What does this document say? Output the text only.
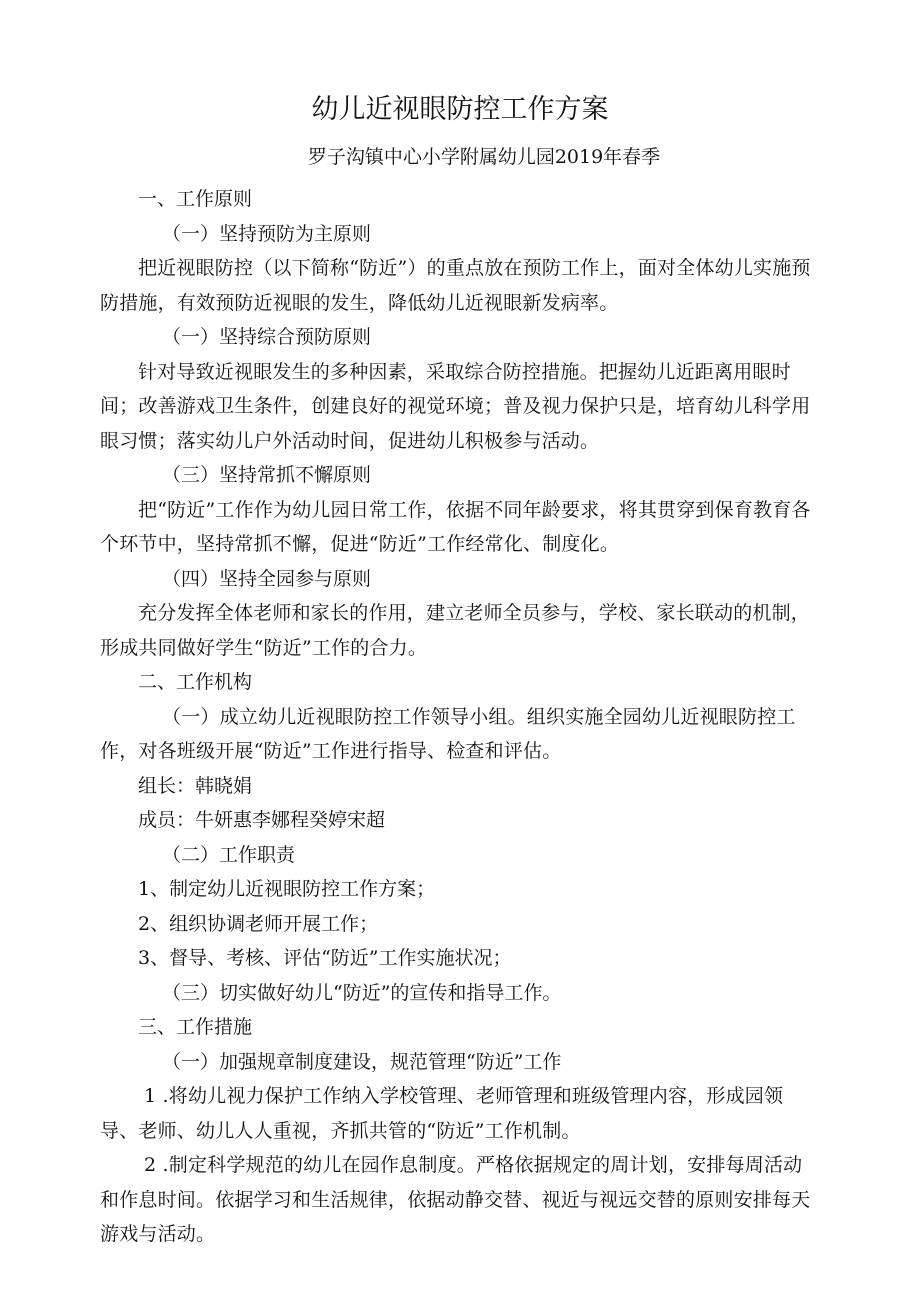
幼儿近视眼防控工作方案
罗子沟镇中心小学附属幼儿园2019年春季
一、工作原则
（一）坚持预防为主原则
把近视眼防控（以下简称“防近”）的重点放在预防工作上，面对全体幼儿实施预防措施，有效预防近视眼的发生，降低幼儿近视眼新发病率。
（一）坚持综合预防原则
针对导致近视眼发生的多种因素，采取综合防控措施。把握幼儿近距离用眼时间；改善游戏卫生条件，创建良好的视觉环境；普及视力保护只是，培育幼儿科学用眼习惯；落实幼儿户外活动时间，促进幼儿积极参与活动。
（三）坚持常抓不懈原则
把“防近”工作作为幼儿园日常工作，依据不同年龄要求，将其贯穿到保育教育各个环节中，坚持常抓不懈，促进“防近”工作经常化、制度化。
（四）坚持全园参与原则
充分发挥全体老师和家长的作用，建立老师全员参与，学校、家长联动的机制，形成共同做好学生“防近”工作的合力。
二、工作机构
（一）成立幼儿近视眼防控工作领导小组。组织实施全园幼儿近视眼防控工作，对各班级开展“防近”工作进行指导、检查和评估。
组长：韩晓娟
成员：牛妍惠李娜程癸婷宋超
（二）工作职责
1、制定幼儿近视眼防控工作方案；
2、组织协调老师开展工作；
3、督导、考核、评估“防近”工作实施状况；
（三）切实做好幼儿“防近”的宣传和指导工作。
三、工作措施
（一）加强规章制度建设，规范管理“防近”工作
1 .将幼儿视力保护工作纳入学校管理、老师管理和班级管理内容，形成园领导、老师、幼儿人人重视，齐抓共管的“防近”工作机制。
2 .制定科学规范的幼儿在园作息制度。严格依据规定的周计划，安排每周活动和作息时间。依据学习和生活规律，依据动静交替、视近与视远交替的原则安排每天游戏与活动。
